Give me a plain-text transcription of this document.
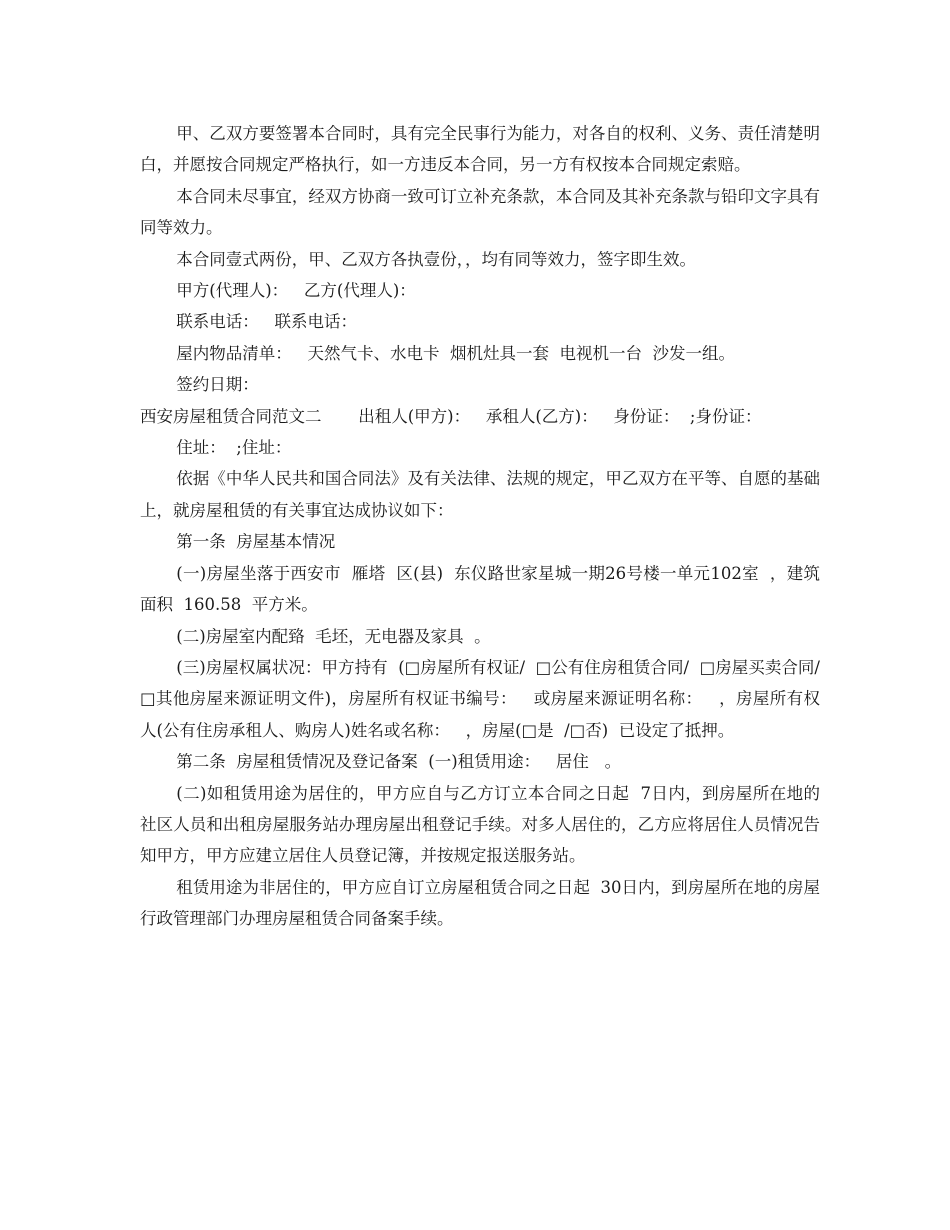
甲、乙双方要签署本合同时，具有完全民事行为能力，对各自的权利、义务、责任清楚明白，并愿按合同规定严格执行，如一方违反本合同，另一方有权按本合同规定索赔。

本合同未尽事宜，经双方协商一致可订立补充条款，本合同及其补充条款与铅印文字具有同等效力。

本合同壹式两份，甲、乙双方各执壹份，，均有同等效力，签字即生效。

甲方(代理人)：   乙方(代理人)：

联系电话：   联系电话：

屋内物品清单：   天然气卡、水电卡  烟机灶具一套  电视机一台  沙发一组。

签约日期：

西安房屋租赁合同范文二       出租人(甲方)：   承租人(乙方)：   身份证：  ;身份证：

住址：  ;住址：

依据《中华人民共和国合同法》及有关法律、法规的规定，甲乙双方在平等、自愿的基础上，就房屋租赁的有关事宜达成协议如下：

第一条  房屋基本情况

(一)房屋坐落于西安市  雁塔  区(县)  东仪路世家星城一期26号楼一单元102室  ，建筑面积  160.58  平方米。

(二)房屋室内配臵  毛坯，无电器及家具  。

(三)房屋权属状况：甲方持有  (□房屋所有权证/  □公有住房租赁合同/  □房屋买卖合同/  □其他房屋来源证明文件)，房屋所有权证书编号：   或房屋来源证明名称：   ，房屋所有权人(公有住房承租人、购房人)姓名或名称：   ，房屋(□是  /□否)  已设定了抵押。

第二条  房屋租赁情况及登记备案  (一)租赁用途：   居住   。

(二)如租赁用途为居住的，甲方应自与乙方订立本合同之日起  7日内，到房屋所在地的社区人员和出租房屋服务站办理房屋出租登记手续。对多人居住的，乙方应将居住人员情况告知甲方，甲方应建立居住人员登记簿，并按规定报送服务站。

租赁用途为非居住的，甲方应自订立房屋租赁合同之日起  30日内，到房屋所在地的房屋行政管理部门办理房屋租赁合同备案手续。
